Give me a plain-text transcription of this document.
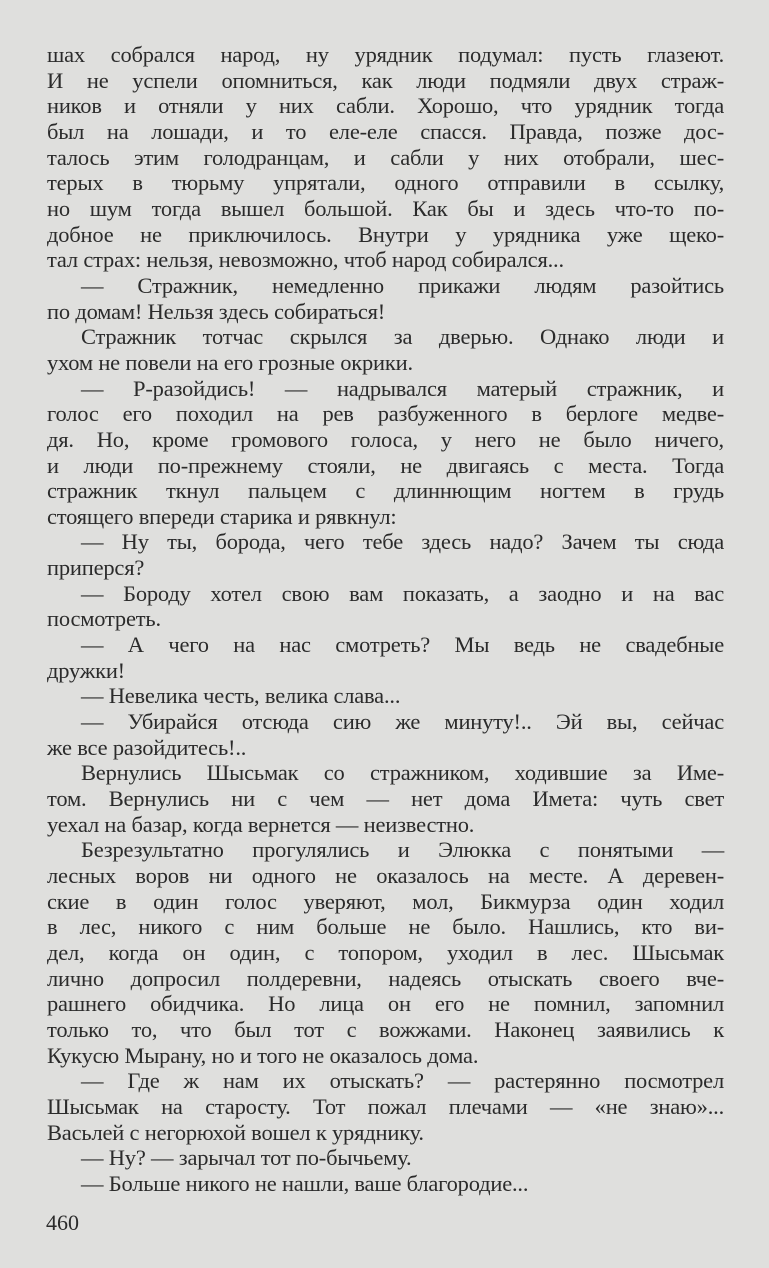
шах собрался народ, ну урядник подумал: пусть глазеют.
И не успели опомниться, как люди подмяли двух страж-
ников и отняли у них сабли. Хорошо, что урядник тогда
был на лошади, и то еле-еле спасся. Правда, позже дос-
талось этим голодранцам, и сабли у них отобрали, шес-
терых в тюрьму упрятали, одного отправили в ссылку,
но шум тогда вышел большой. Как бы и здесь что-то по-
добное не приключилось. Внутри у урядника уже щеко-
тал страх: нельзя, невозможно, чтоб народ собирался...
— Стражник, немедленно прикажи людям разойтись
по домам! Нельзя здесь собираться!
Стражник тотчас скрылся за дверью. Однако люди и
ухом не повели на его грозные окрики.
— Р-разойдись! — надрывался матерый стражник, и
голос его походил на рев разбуженного в берлоге медве-
дя. Но, кроме громового голоса, у него не было ничего,
и люди по-прежнему стояли, не двигаясь с места. Тогда
стражник ткнул пальцем с длиннющим ногтем в грудь
стоящего впереди старика и рявкнул:
— Ну ты, борода, чего тебе здесь надо? Зачем ты сюда
приперся?
— Бороду хотел свою вам показать, а заодно и на вас
посмотреть.
— А чего на нас смотреть? Мы ведь не свадебные
дружки!
— Невелика честь, велика слава...
— Убирайся отсюда сию же минуту!.. Эй вы, сейчас
же все разойдитесь!..
Вернулись Шысьмак со стражником, ходившие за Име-
том. Вернулись ни с чем — нет дома Имета: чуть свет
уехал на базар, когда вернется — неизвестно.
Безрезультатно прогулялись и Элюкка с понятыми —
лесных воров ни одного не оказалось на месте. А деревен-
ские в один голос уверяют, мол, Бикмурза один ходил
в лес, никого с ним больше не было. Нашлись, кто ви-
дел, когда он один, с топором, уходил в лес. Шысьмак
лично допросил полдеревни, надеясь отыскать своего вче-
рашнего обидчика. Но лица он его не помнил, запомнил
только то, что был тот с вожжами. Наконец заявились к
Кукусю Мырану, но и того не оказалось дома.
— Где ж нам их отыскать? — растерянно посмотрел
Шысьмак на старосту. Тот пожал плечами — «не знаю»...
Васьлей с негорюхой вошел к уряднику.
— Ну? — зарычал тот по-бычьему.
— Больше никого не нашли, ваше благородие...
460
